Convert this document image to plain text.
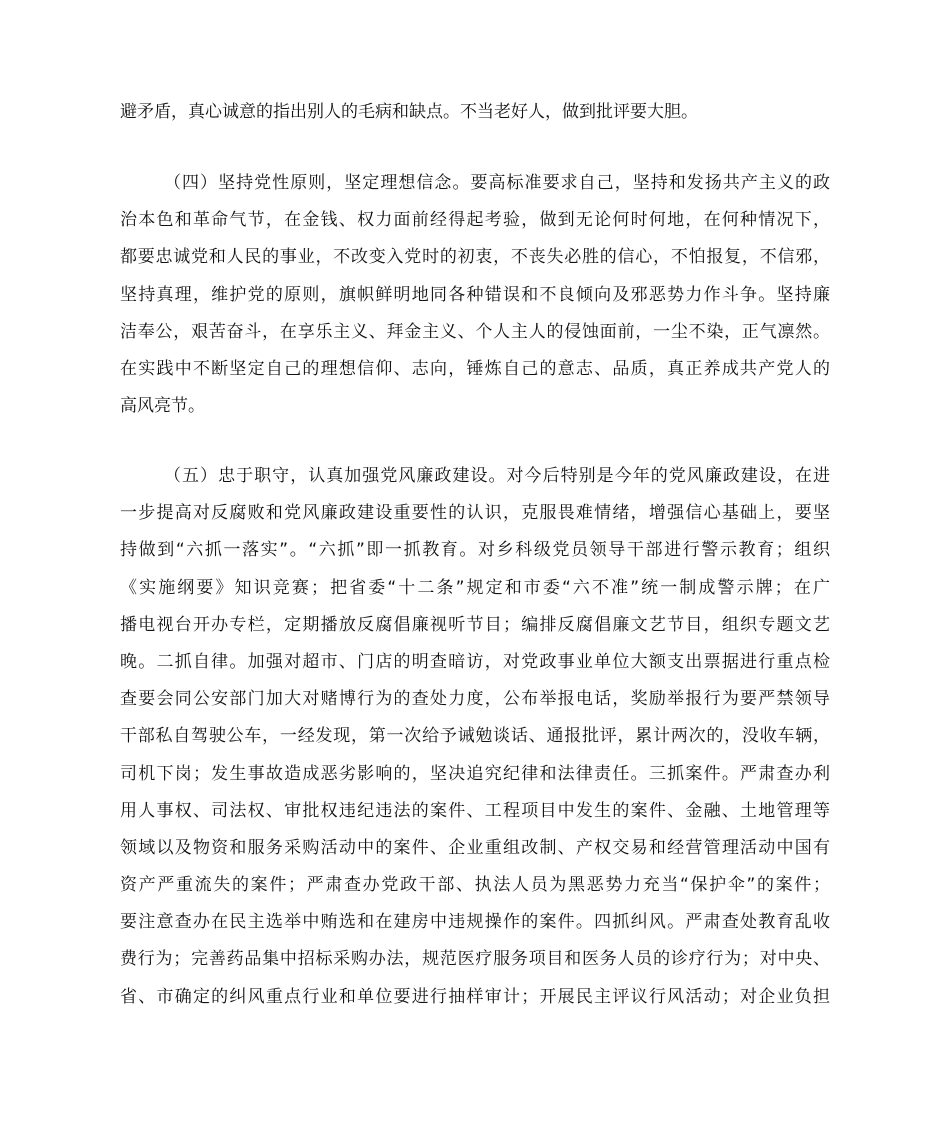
避矛盾，真心诚意的指出别人的毛病和缺点。不当老好人，做到批评要大胆。
（四）坚持党性原则，坚定理想信念。要高标准要求自己，坚持和发扬共产主义的政
治本色和革命气节，在金钱、权力面前经得起考验，做到无论何时何地，在何种情况下，
都要忠诚党和人民的事业，不改变入党时的初衷，不丧失必胜的信心，不怕报复，不信邪，
坚持真理，维护党的原则，旗帜鲜明地同各种错误和不良倾向及邪恶势力作斗争。坚持廉
洁奉公，艰苦奋斗，在享乐主义、拜金主义、个人主人的侵蚀面前，一尘不染，正气凛然。
在实践中不断坚定自己的理想信仰、志向，锤炼自己的意志、品质，真正养成共产党人的
高风亮节。
（五）忠于职守，认真加强党风廉政建设。对今后特别是今年的党风廉政建设，在进
一步提高对反腐败和党风廉政建设重要性的认识，克服畏难情绪，增强信心基础上，要坚
持做到“六抓一落实”。“六抓”即一抓教育。对乡科级党员领导干部进行警示教育；组织
《实施纲要》知识竞赛；把省委“十二条”规定和市委“六不准”统一制成警示牌；在广
播电视台开办专栏，定期播放反腐倡廉视听节目；编排反腐倡廉文艺节目，组织专题文艺
晚。二抓自律。加强对超市、门店的明查暗访，对党政事业单位大额支出票据进行重点检
查要会同公安部门加大对赌博行为的查处力度，公布举报电话，奖励举报行为要严禁领导
干部私自驾驶公车，一经发现，第一次给予诫勉谈话、通报批评，累计两次的，没收车辆，
司机下岗；发生事故造成恶劣影响的，坚决追究纪律和法律责任。三抓案件。严肃查办利
用人事权、司法权、审批权违纪违法的案件、工程项目中发生的案件、金融、土地管理等
领域以及物资和服务采购活动中的案件、企业重组改制、产权交易和经营管理活动中国有
资产严重流失的案件；严肃查办党政干部、执法人员为黑恶势力充当“保护伞”的案件；
要注意查办在民主选举中贿选和在建房中违规操作的案件。四抓纠风。严肃查处教育乱收
费行为；完善药品集中招标采购办法，规范医疗服务项目和医务人员的诊疗行为；对中央、
省、市确定的纠风重点行业和单位要进行抽样审计；开展民主评议行风活动；对企业负担
